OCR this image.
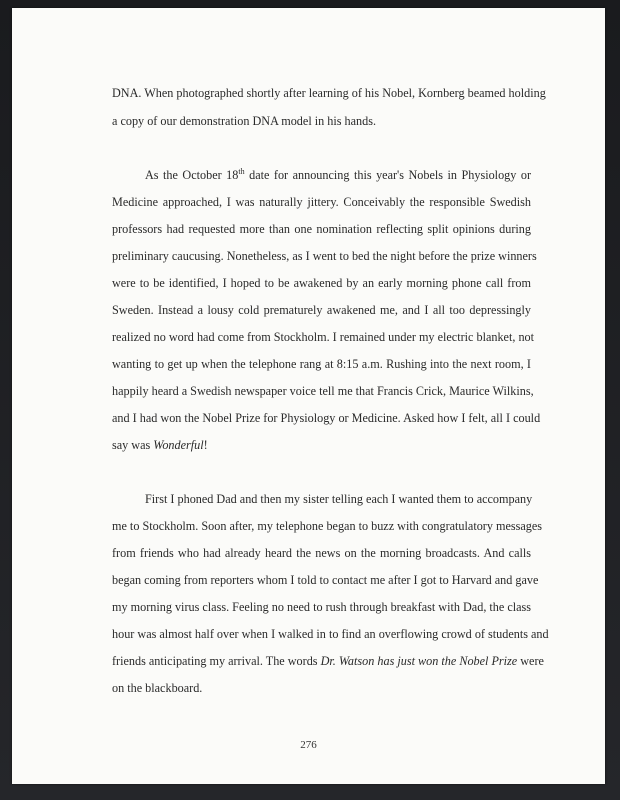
DNA. When photographed shortly after learning of his Nobel, Kornberg beamed holding

a copy of our demonstration DNA model in his hands.

As the October 18th date for announcing this year's Nobels in Physiology or

Medicine approached, I was naturally jittery. Conceivably the responsible Swedish

professors had requested more than one nomination reflecting split opinions during

preliminary caucusing. Nonetheless, as I went to bed the night before the prize winners

were to be identified, I hoped to be awakened by an early morning phone call from

Sweden. Instead a lousy cold prematurely awakened me, and I all too depressingly

realized no word had come from Stockholm. I remained under my electric blanket, not

wanting to get up when the telephone rang at 8:15 a.m. Rushing into the next room, I

happily heard a Swedish newspaper voice tell me that Francis Crick, Maurice Wilkins,

and I had won the Nobel Prize for Physiology or Medicine. Asked how I felt, all I could

say was Wonderful!

First I phoned Dad and then my sister telling each I wanted them to accompany

me to Stockholm. Soon after, my telephone began to buzz with congratulatory messages

from friends who had already heard the news on the morning broadcasts. And calls

began coming from reporters whom I told to contact me after I got to Harvard and gave

my morning virus class. Feeling no need to rush through breakfast with Dad, the class

hour was almost half over when I walked in to find an overflowing crowd of students and

friends anticipating my arrival. The words Dr. Watson has just won the Nobel Prize were

on the blackboard.

276
